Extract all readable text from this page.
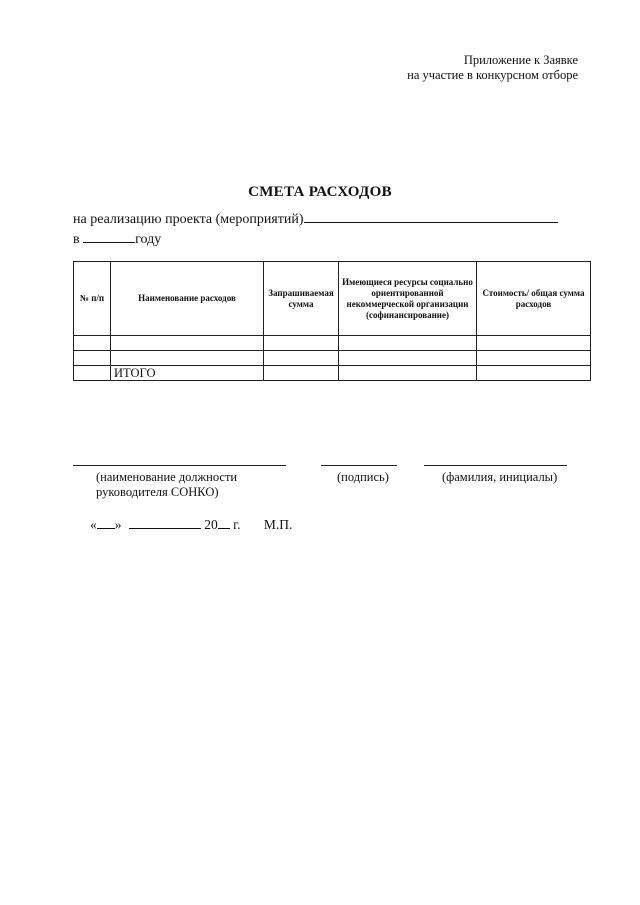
Приложение к Заявке
на участие в конкурсном отборе
СМЕТА РАСХОДОВ
на реализацию проекта (мероприятий)
в	году
№ п/п	Наименование расходов	Запрашиваемая сумма	Имеющиеся ресурсы социально ориентированной некоммерческой организации (софинансирование)	Стоимость/ общая сумма расходов

	ИТОГО			
(наименование должности
руководителя СОНКО)
(подпись)	(фамилия, инициалы)
« »	20 г. М.П.
